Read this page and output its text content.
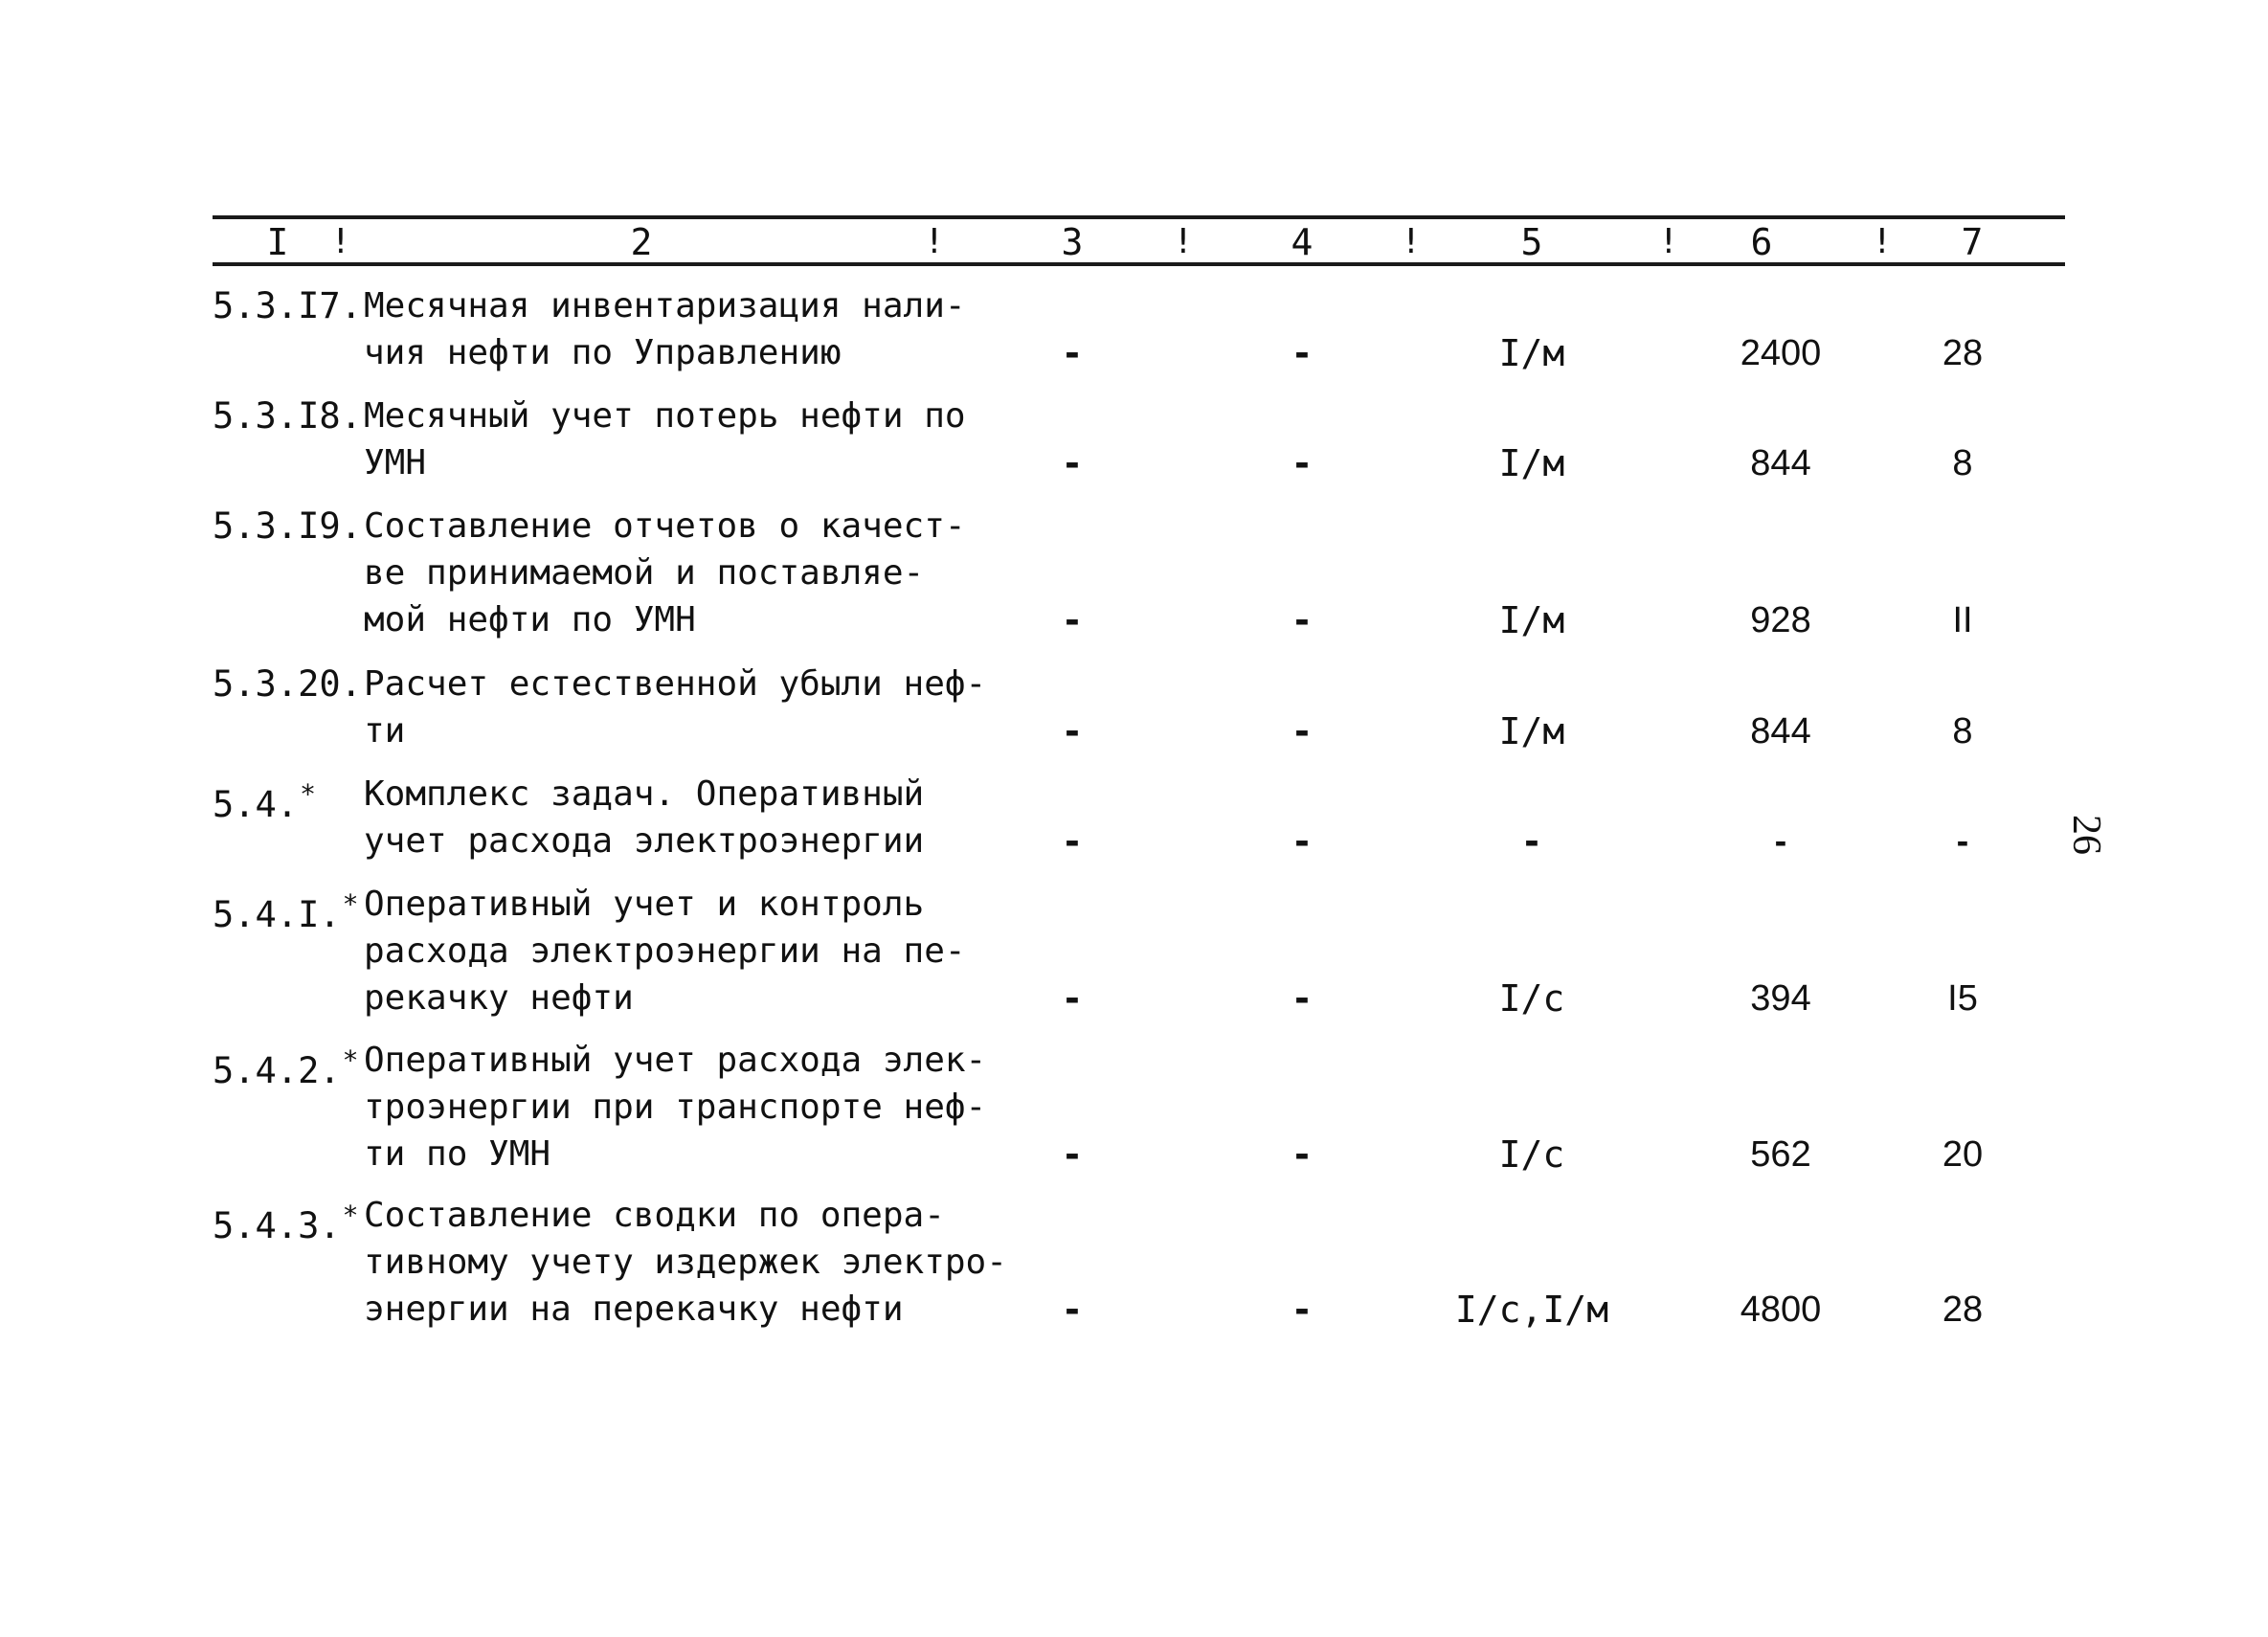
I !	2	!	3	!	4	!	5	!	6	!	7
5.3.I7. Месячная инвентаризация нали-
чия нефти по Управлению	-	-	I/м	2400	28
5.3.I8. Месячный учет потерь нефти по
УМН	-	-	I/м	844	8
5.3.I9. Составление отчетов о качест-
ве принимаемой и поставляе-
мой нефти по УМН	-	-	I/м	928	II
5.3.20. Расчет естественной убыли неф-
ти	-	-	I/м	844	8
5.4.* Комплекс задач. Оперативный
учет расхода электроэнергии	-	-	-	-	-
5.4.I.* Оперативный учет и контроль
расхода электроэнергии на пе-
рекачку нефти	-	-	I/с	394	I5
5.4.2.* Оперативный учет расхода элек-
троэнергии при транспорте неф-
ти по УМН	-	-	I/с	562	20
5.4.3.* Составление сводки по опера-
тивному учету издержек электро-
энергии на перекачку нефти	-	-	I/с,I/м	4800	28
26
